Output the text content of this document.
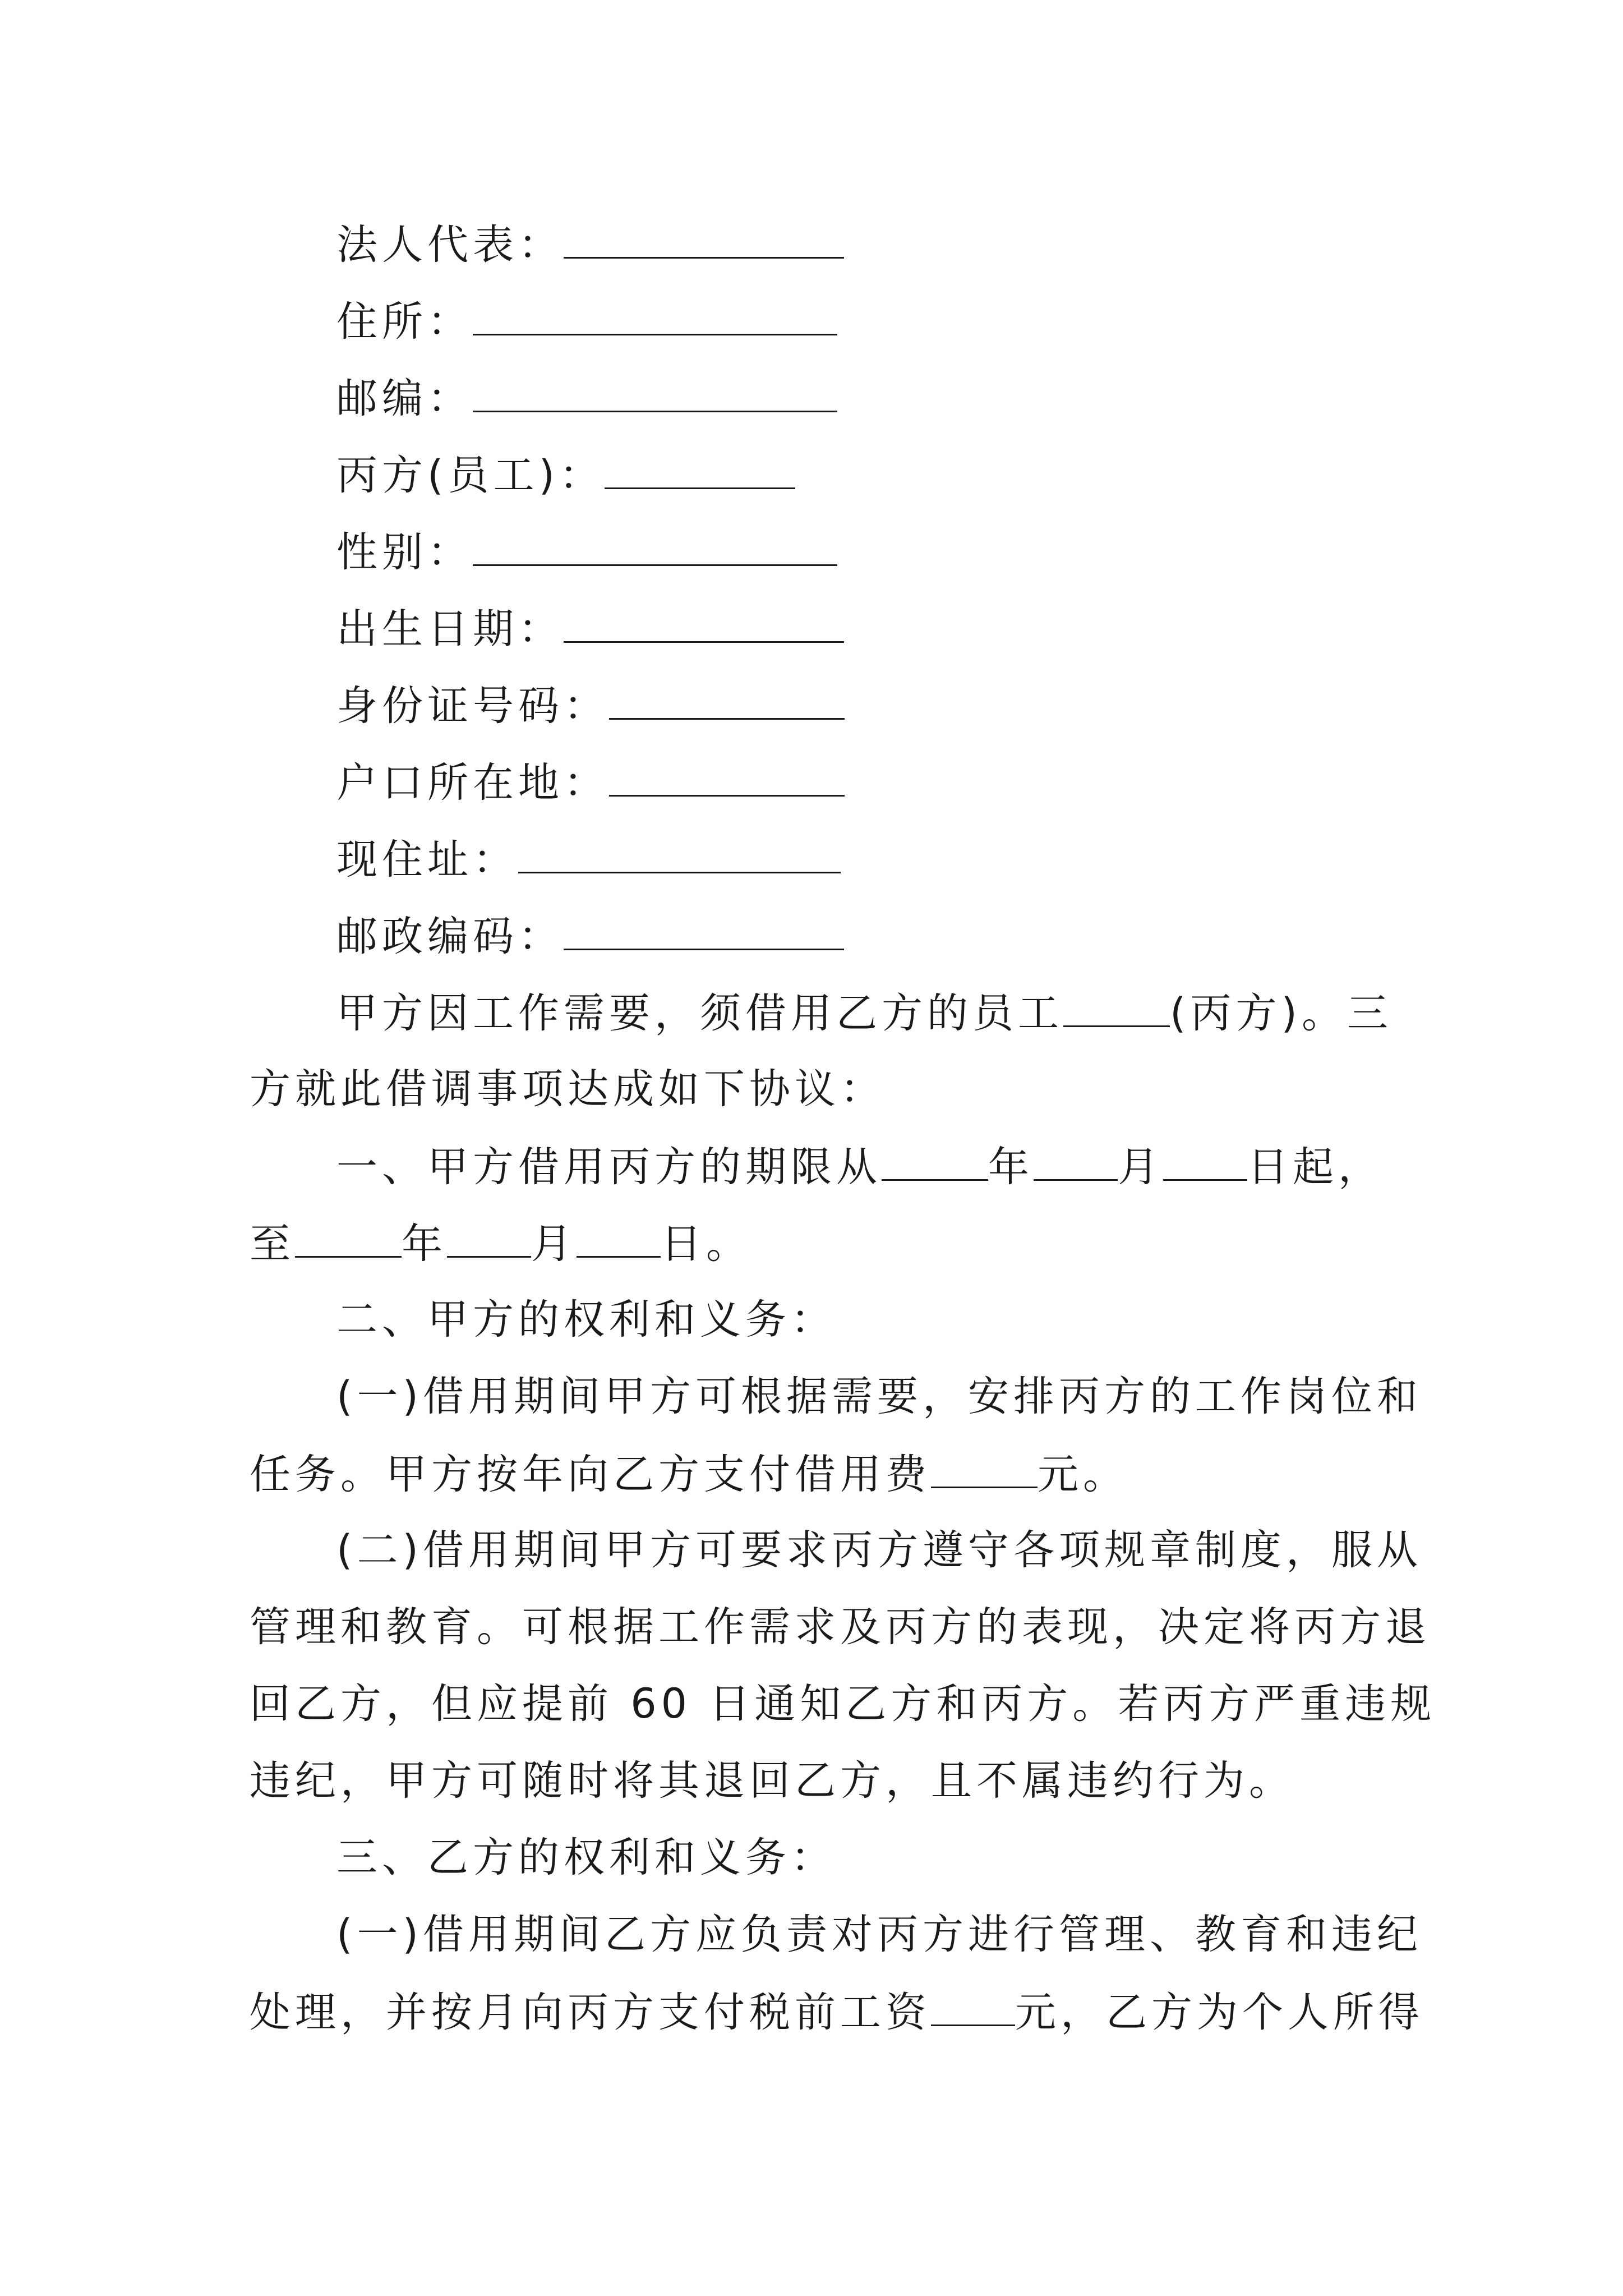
法人代表：
住所：
邮编：
丙方(员工)：
性别：
出生日期：
身份证号码：
户口所在地：
现住址：
邮政编码：
甲方因工作需要，须借用乙方的员工	(丙方)。三
方就此借调事项达成如下协议：
一、甲方借用丙方的期限从	年 月 日起，
至	年 月 日。
二、甲方的权利和义务：
(一)借用期间甲方可根据需要，安排丙方的工作岗位和
任务。甲方按年向乙方支付借用费	元。
(二)借用期间甲方可要求丙方遵守各项规章制度，服从
管理和教育。可根据工作需求及丙方的表现，决定将丙方退
回乙方，但应提前 60 日通知乙方和丙方。若丙方严重违规
违纪，甲方可随时将其退回乙方，且不属违约行为。
三、乙方的权利和义务：
(一)借用期间乙方应负责对丙方进行管理、教育和违纪
处理，并按月向丙方支付税前工资 元，乙方为个人所得
